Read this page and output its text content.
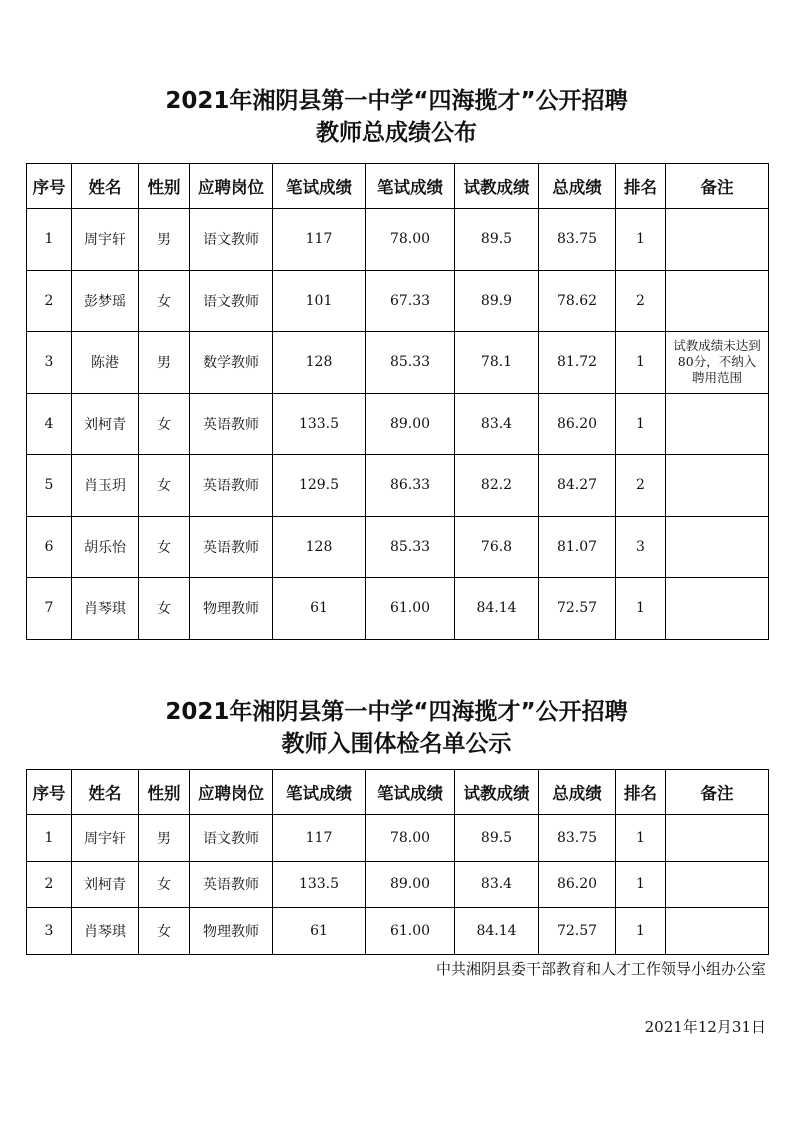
2021年湘阴县第一中学“四海揽才”公开招聘
教师总成绩公布
序号	姓名	性别	应聘岗位	笔试成绩	笔试成绩	试教成绩	总成绩	排名	备注
1	周宇轩	男	语文教师	117	78.00	89.5	83.75	1	
2	彭梦瑶	女	语文教师	101	67.33	89.9	78.62	2	
3	陈港	男	数学教师	128	85.33	78.1	81.72	1	试教成绩未达到80分，不纳入聘用范围
4	刘柯青	女	英语教师	133.5	89.00	83.4	86.20	1	
5	肖玉玥	女	英语教师	129.5	86.33	82.2	84.27	2	
6	胡乐怡	女	英语教师	128	85.33	76.8	81.07	3	
7	肖琴琪	女	物理教师	61	61.00	84.14	72.57	1	
2021年湘阴县第一中学“四海揽才”公开招聘
教师入围体检名单公示
序号	姓名	性别	应聘岗位	笔试成绩	笔试成绩	试教成绩	总成绩	排名	备注
1	周宇轩	男	语文教师	117	78.00	89.5	83.75	1	
2	刘柯青	女	英语教师	133.5	89.00	83.4	86.20	1	
3	肖琴琪	女	物理教师	61	61.00	84.14	72.57	1	
中共湘阴县委干部教育和人才工作领导小组办公室
2021年12月31日
